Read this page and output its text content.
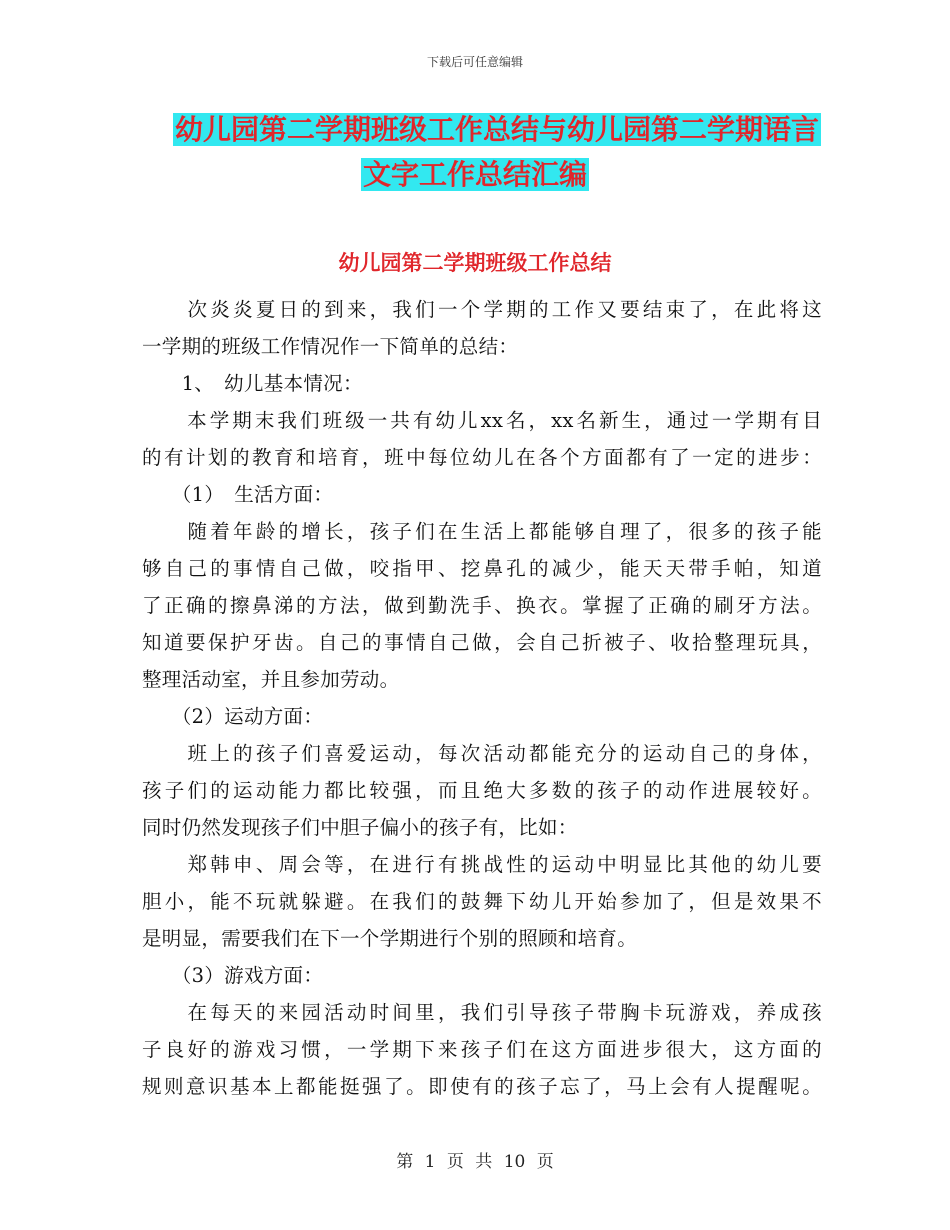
下载后可任意编辑
幼儿园第二学期班级工作总结与幼儿园第二学期语言
文字工作总结汇编
幼儿园第二学期班级工作总结
　　次炎炎夏日的到来，我们一个学期的工作又要结束了，在此将这
一学期的班级工作情况作一下简单的总结：
　　1、　幼儿基本情况：
　　本学期末我们班级一共有幼儿xx名，xx名新生，通过一学期有目
的有计划的教育和培育，班中每位幼儿在各个方面都有了一定的进步：
　　（1）　生活方面：
　　随着年龄的增长，孩子们在生活上都能够自理了，很多的孩子能
够自己的事情自己做，咬指甲、挖鼻孔的减少，能天天带手帕，知道
了正确的擦鼻涕的方法，做到勤洗手、换衣。掌握了正确的刷牙方法。
知道要保护牙齿。自己的事情自己做，会自己折被子、收拾整理玩具，
整理活动室，并且参加劳动。
　　（2）运动方面：
　　班上的孩子们喜爱运动，每次活动都能充分的运动自己的身体，
孩子们的运动能力都比较强，而且绝大多数的孩子的动作进展较好。
同时仍然发现孩子们中胆子偏小的孩子有，比如：
　　郑韩申、周会等，在进行有挑战性的运动中明显比其他的幼儿要
胆小，能不玩就躲避。在我们的鼓舞下幼儿开始参加了，但是效果不
是明显，需要我们在下一个学期进行个别的照顾和培育。
　　（3）游戏方面：
　　在每天的来园活动时间里，我们引导孩子带胸卡玩游戏，养成孩
子良好的游戏习惯，一学期下来孩子们在这方面进步很大，这方面的
规则意识基本上都能挺强了。即使有的孩子忘了，马上会有人提醒呢。
第 1 页 共 10 页
